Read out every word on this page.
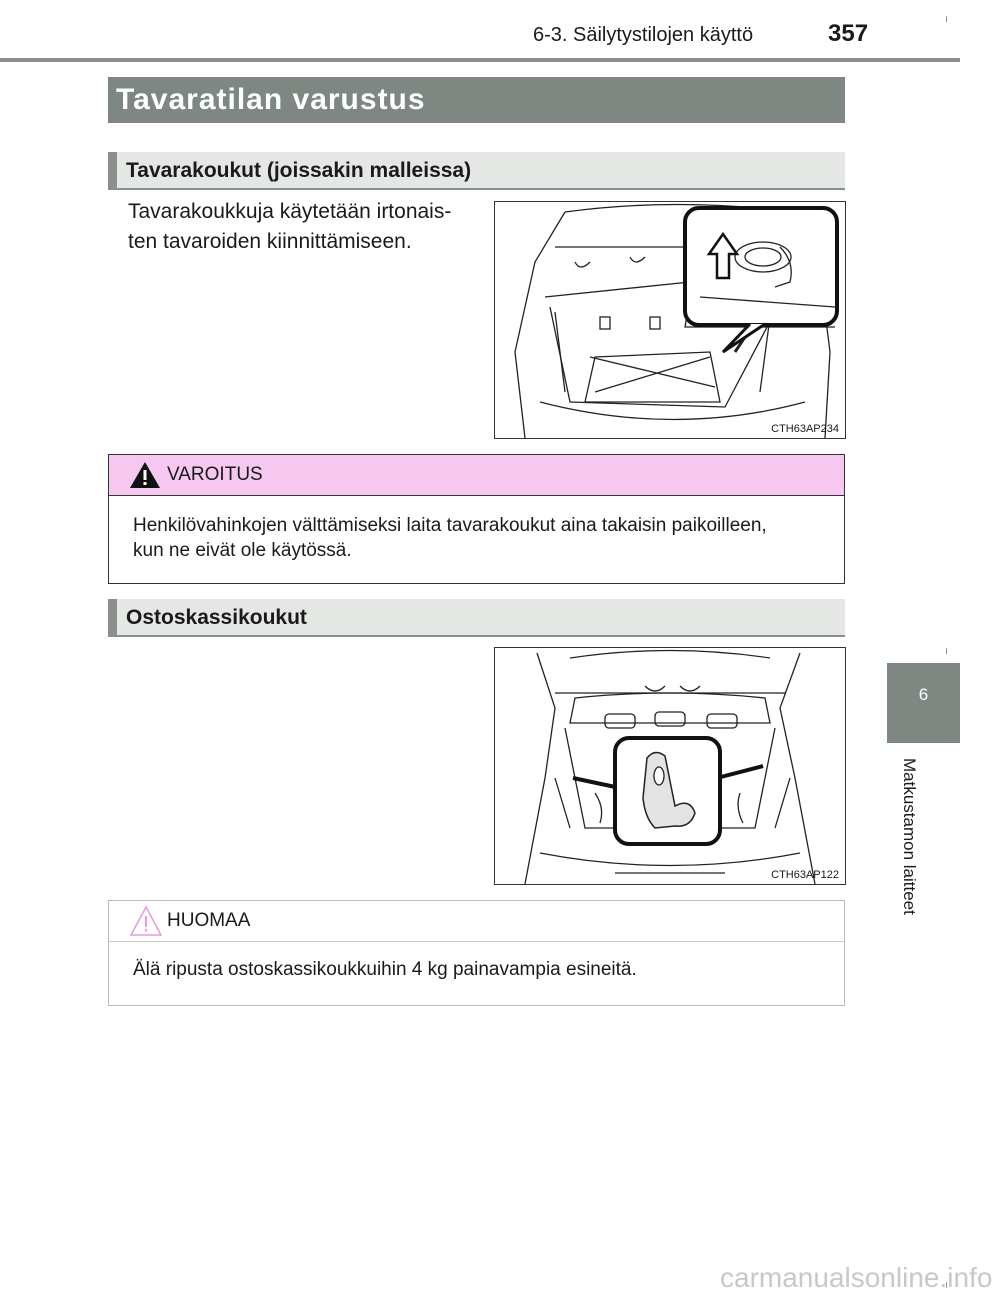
6-3. Säilytystilojen käyttö	357
Tavaratilan varustus
Tavarakoukut (joissakin malleissa)
Tavarakoukkuja käytetään irtonais-
ten tavaroiden kiinnittämiseen.
CTH63AP234
VAROITUS
Henkilövahinkojen välttämiseksi laita tavarakoukut aina takaisin paikoilleen,
kun ne eivät ole käytössä.
Ostoskassikoukut
CTH63AP122
HUOMAA
Älä ripusta ostoskassikoukkuihin 4 kg painavampia esineitä.
6
Matkustamon laitteet
carmanualsonline.info
